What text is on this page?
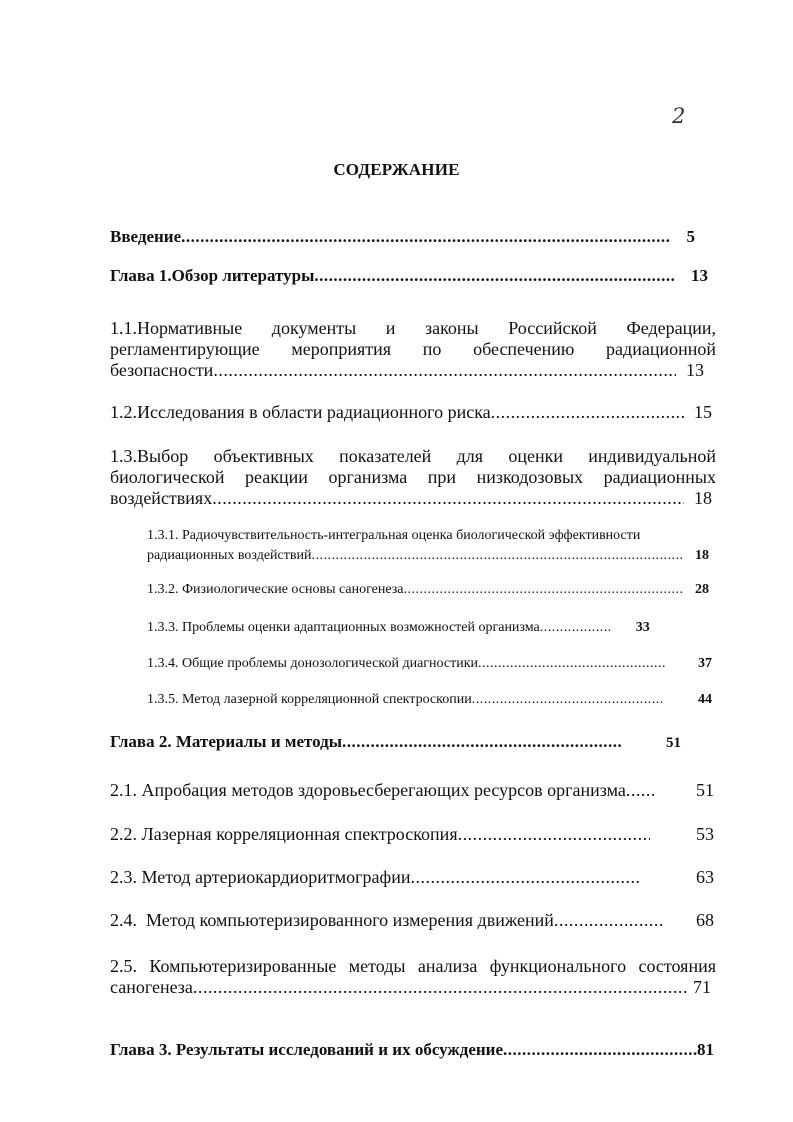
2
СОДЕРЖАНИЕ
Введение .....	5
Глава 1.Обзор литературы .....	13
1.1.Нормативные документы и законы Российской Федерации,
регламентирующие мероприятия по обеспечению радиационной
безопасности .....	13
1.2.Исследования в области радиационного риска .....	15
1.3.Выбор объективных показателей для оценки индивидуальной
биологической реакции организма при низкодозовых радиационных
воздействиях .....	18
1.3.1. Радиочувствительность-интегральная оценка биологической эффективности
радиационных воздействий .....	18
1.3.2. Физиологические основы саногенеза .....	28
1.3.3. Проблемы оценки адаптационных возможностей организма .....	33
1.3.4. Общие проблемы донозологической диагностики .....	37
1.3.5. Метод лазерной корреляционной спектроскопии .....	44
Глава 2. Материалы и методы .....	51
2.1. Апробация методов здоровьесберегающих ресурсов организма .....	51
2.2. Лазерная корреляционная спектроскопия .....	53
2.3. Метод артериокардиоритмографии .....	63
2.4.  Метод компьютеризированного измерения движений .....	68
2.5. Компьютеризированные методы анализа функционального состояния
саногенеза .....	71
Глава 3. Результаты исследований и их обсуждение .....	81
